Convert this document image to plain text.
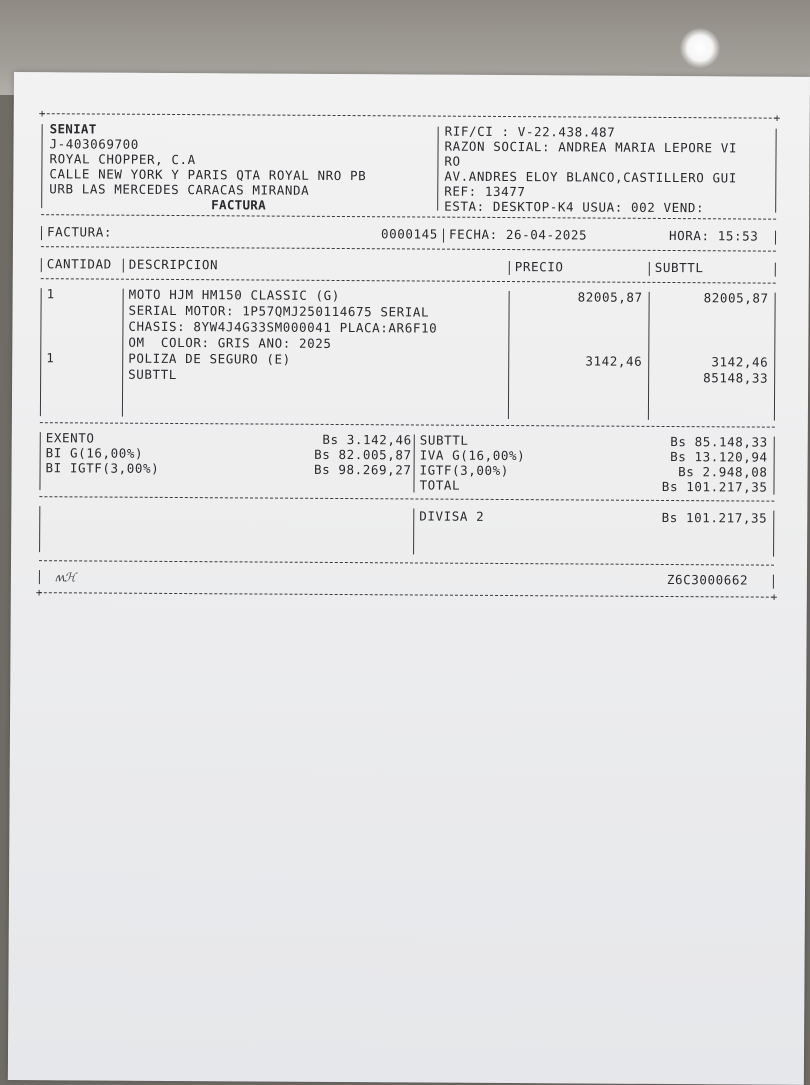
+	+
SENIAT
J-403069700
ROYAL CHOPPER, C.A
CALLE NEW YORK Y PARIS QTA ROYAL NRO PB
URB LAS MERCEDES CARACAS MIRANDA
FACTURA
RIF/CI : V-22.438.487
RAZON SOCIAL: ANDREA MARIA LEPORE VI
RO
AV.ANDRES ELOY BLANCO,CASTILLERO GUI
REF: 13477
ESTA: DESKTOP-K4 USUA: 002 VEND:
FACTURA:	0000145 FECHA: 26-04-2025	HORA: 15:53
CANTIDAD DESCRIPCION	PRECIO	SUBTTL
1	MOTO HJM HM150 CLASSIC (G)	82005,87	82005,87
SERIAL MOTOR: 1P57QMJ250114675 SERIAL
CHASIS: 8YW4J4G33SM000041 PLACA:AR6F10
OM  COLOR: GRIS ANO: 2025
1	POLIZA DE SEGURO (E)	3142,46	3142,46
SUBTTL	85148,33
EXENTO	Bs 3.142,46
BI G(16,00%)	Bs 82.005,87
BI IGTF(3,00%)	Bs 98.269,27
SUBTTL	Bs 85.148,33
IVA G(16,00%)	Bs 13.120,94
IGTF(3,00%)	Bs 2.948,08
TOTAL	Bs 101.217,35
DIVISA 2	Bs 101.217,35
ʍℋ	Z6C3000662
+	+
